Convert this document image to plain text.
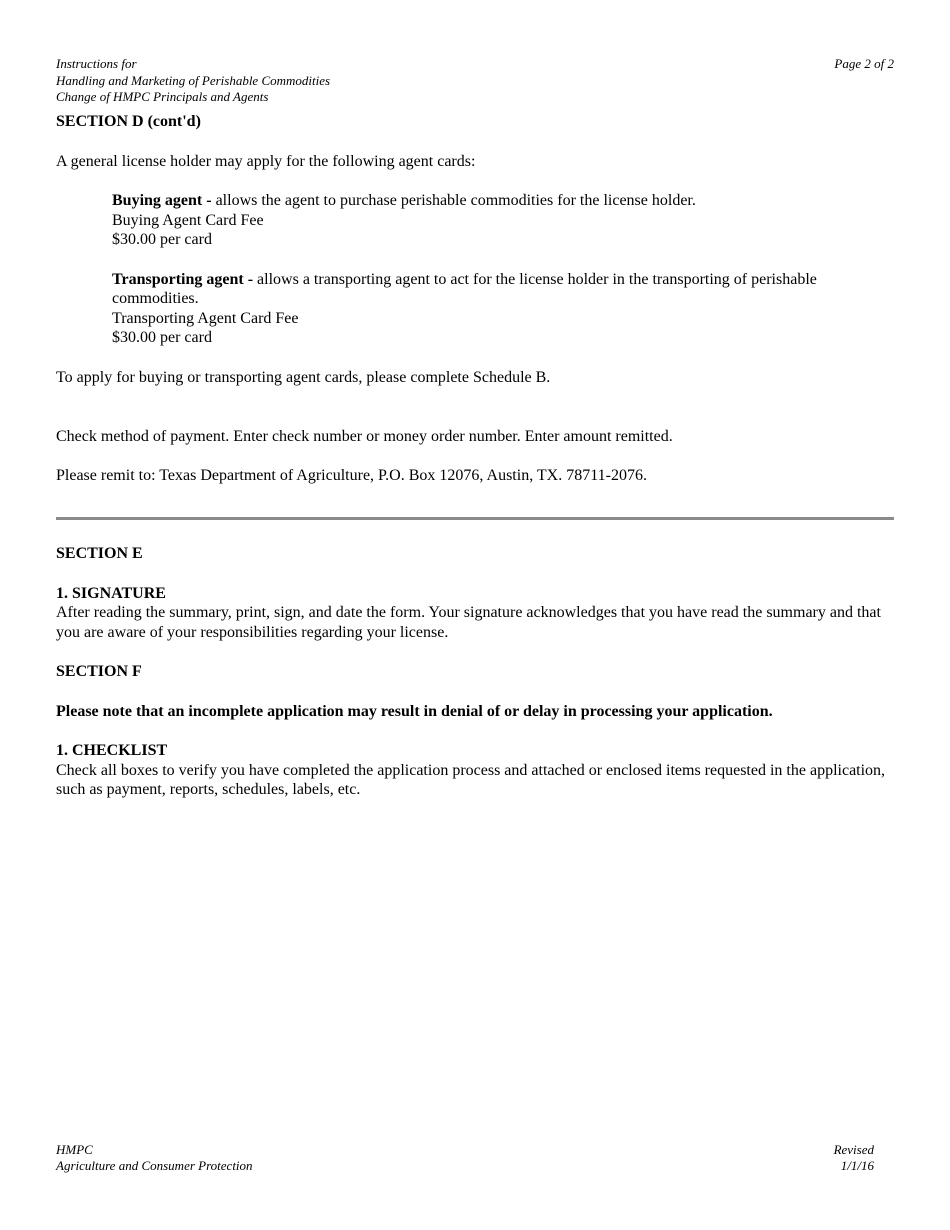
Instructions for
Handling and Marketing of Perishable Commodities
Change of HMPC Principals and Agents
Page 2 of 2

SECTION D (cont'd)

A general license holder may apply for the following agent cards:

Buying agent - allows the agent to purchase perishable commodities for the license holder.

Buying Agent Card Fee

$30.00 per card

Transporting agent - allows a transporting agent to act for the license holder in the transporting of perishable commodities.

Transporting Agent Card Fee

$30.00 per card

To apply for buying or transporting agent cards, please complete Schedule B.

Check method of payment. Enter check number or money order number. Enter amount remitted.

Please remit to: Texas Department of Agriculture, P.O. Box 12076, Austin, TX. 78711-2076.

SECTION E

1. SIGNATURE

After reading the summary, print, sign, and date the form. Your signature acknowledges that you have read the summary and that you are aware of your responsibilities regarding your license.

SECTION F

Please note that an incomplete application may result in denial of or delay in processing your application.

1. CHECKLIST

Check all boxes to verify you have completed the application process and attached or enclosed items requested in the application, such as payment, reports, schedules, labels, etc.

HMPC
Agriculture and Consumer Protection
Revised
1/1/16
